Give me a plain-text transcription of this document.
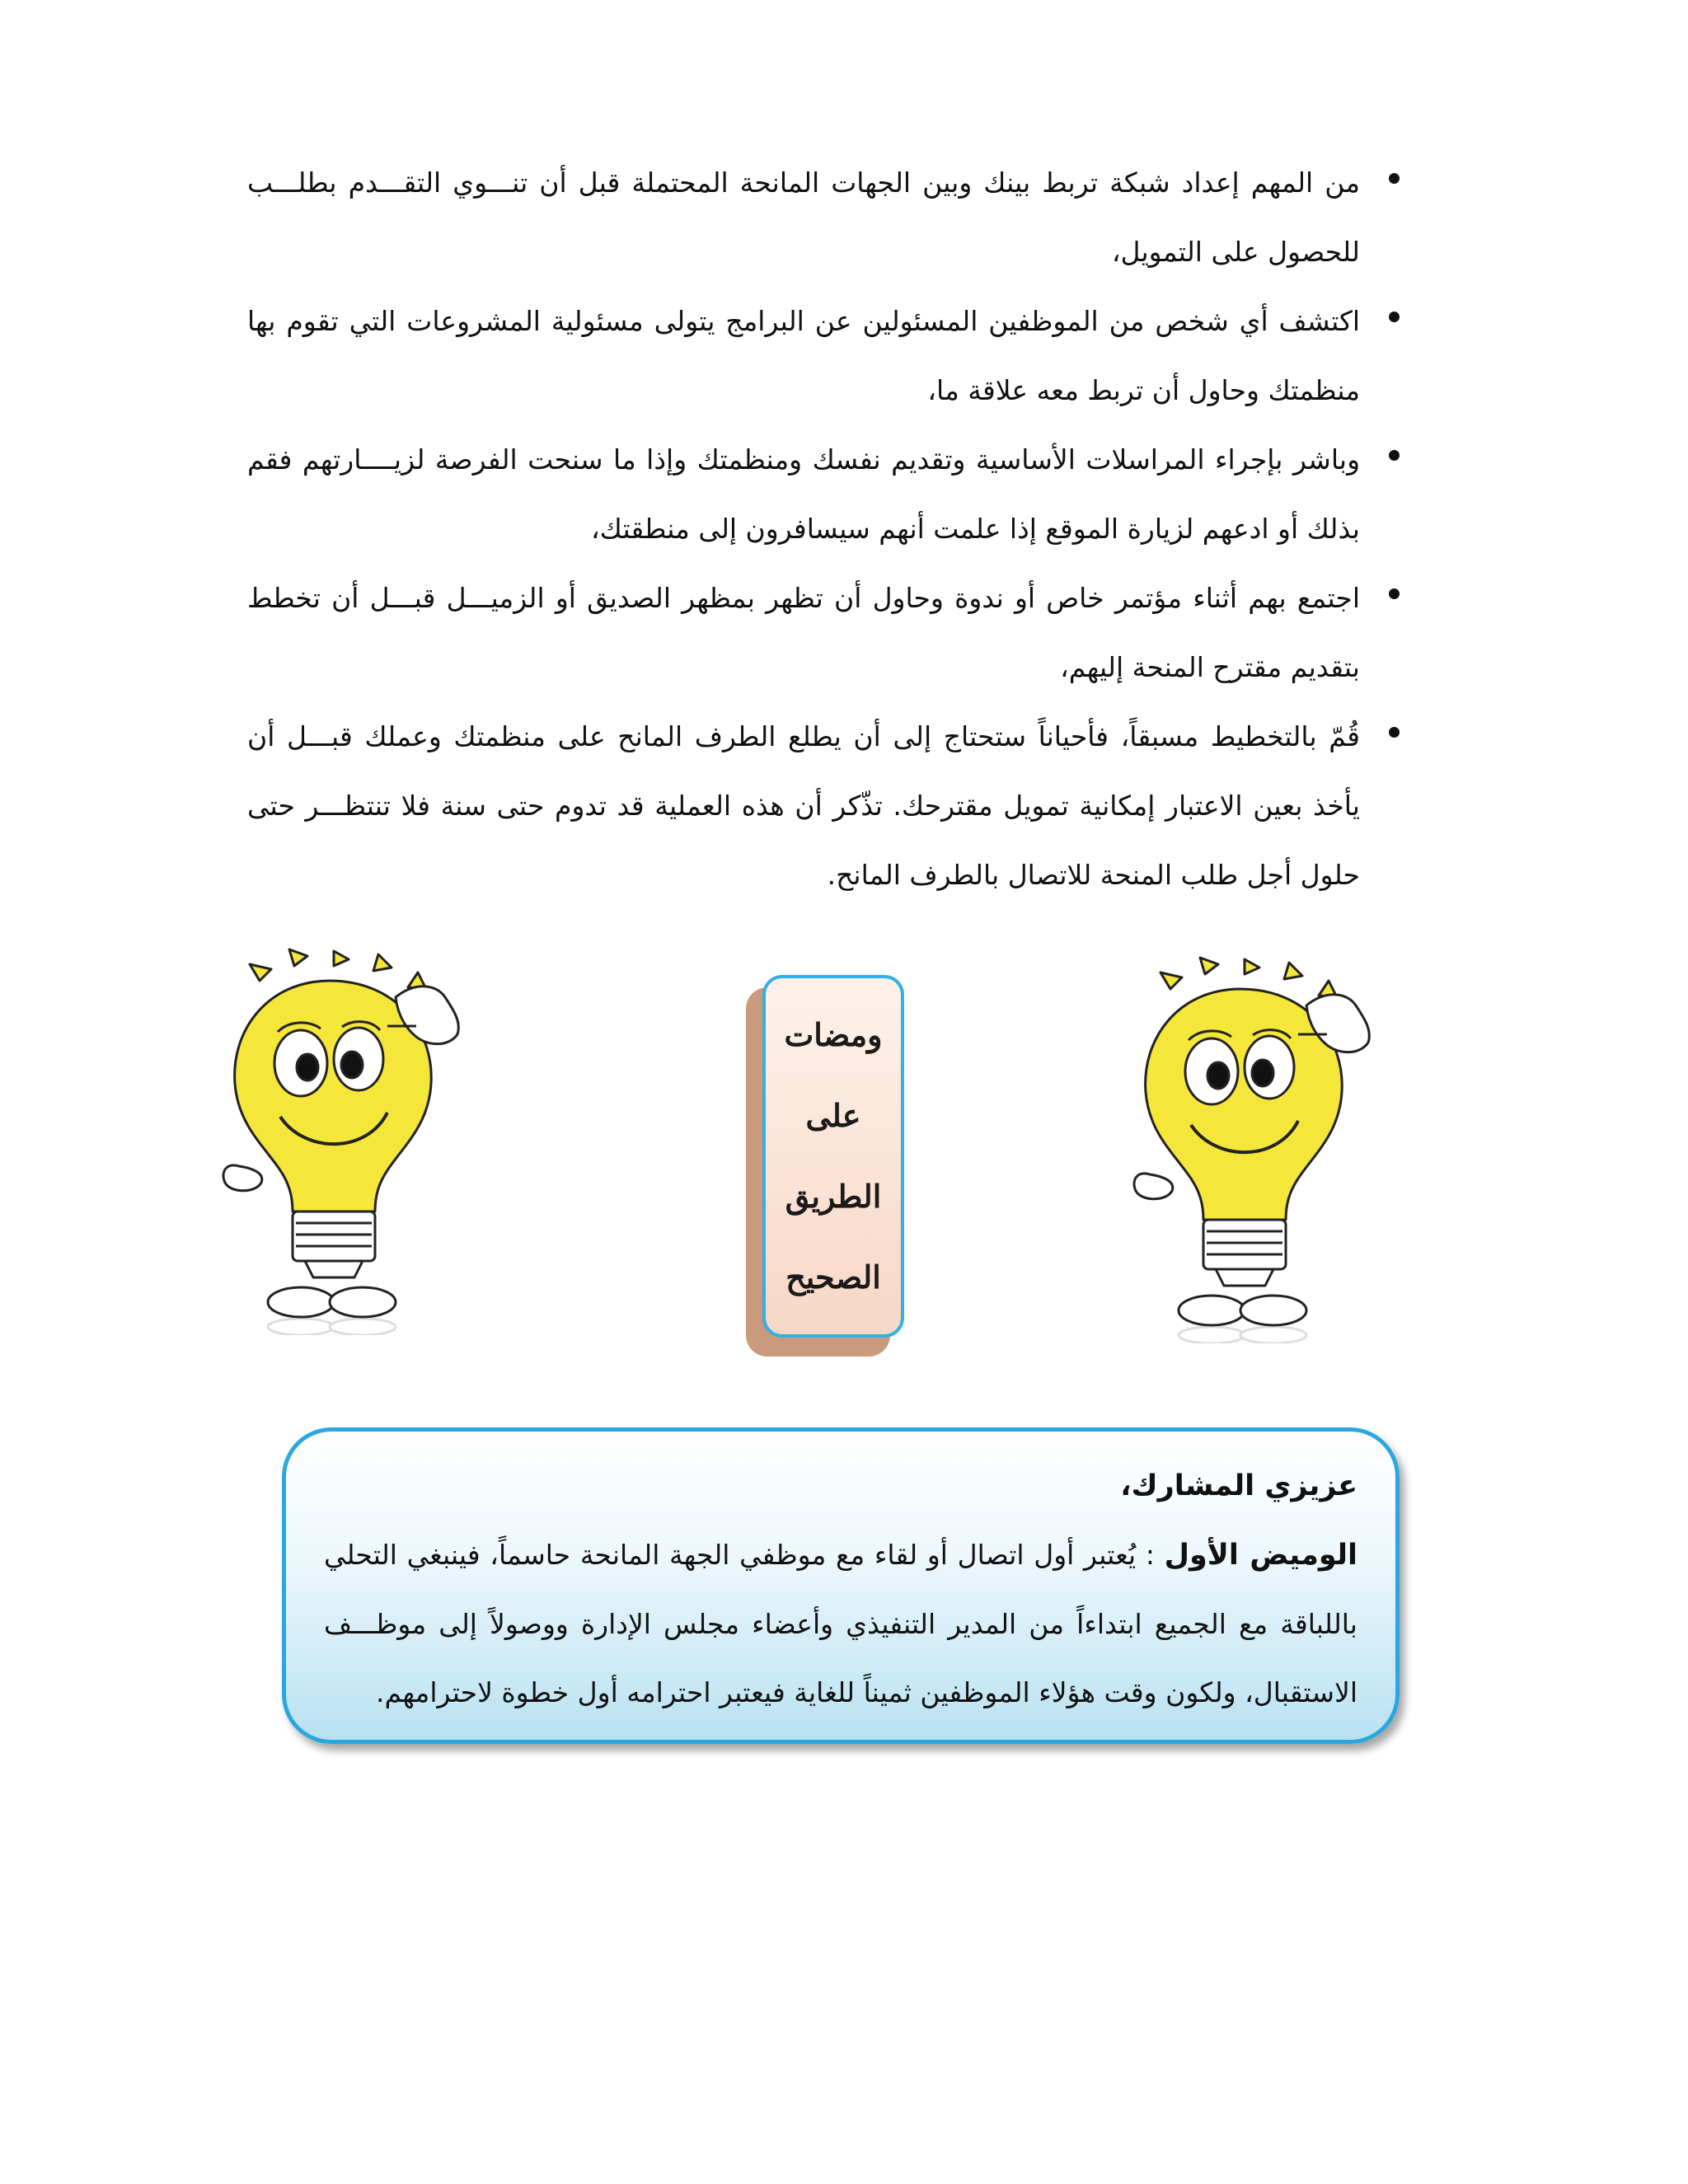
من المهم إعداد شبكة تربط بينك وبين الجهات المانحة المحتملة قبل أن تنـــوي التقـــدم بطلـــب للحصول على التمويل،
اكتشف أي شخص من الموظفين المسئولين عن البرامج يتولى مسئولية المشروعات التي تقوم بها منظمتك وحاول أن تربط معه علاقة ما،
وباشر بإجراء المراسلات الأساسية وتقديم نفسك ومنظمتك وإذا ما سنحت الفرصة لزيــــارتهم فقم بذلك أو ادعهم لزيارة الموقع إذا علمت أنهم سيسافرون إلى منطقتك،
اجتمع بهم أثناء مؤتمر خاص أو ندوة وحاول أن تظهر بمظهر الصديق أو الزميـــل قبـــل أن تخطط بتقديم مقترح المنحة إليهم،
قُمّ بالتخطيط مسبقاً، فأحياناً ستحتاج إلى أن يطلع الطرف المانح على منظمتك وعملك قبـــل أن يأخذ بعين الاعتبار إمكانية تمويل مقترحك. تذّكر أن هذه العملية قد تدوم حتى سنة فلا تنتظـــر حتى حلول أجل طلب المنحة للاتصال بالطرف المانح.
ومضات
على
الطريق
الصحيح

عزيزي المشارك،

الوميض الأول : يُعتبر أول اتصال أو لقاء مع موظفي الجهة المانحة حاسماً، فينبغي التحلي باللباقة مع الجميع ابتداءاً من المدير التنفيذي وأعضاء مجلس الإدارة ووصولاً إلى موظـــف الاستقبال، ولكون وقت هؤلاء الموظفين ثميناً للغاية فيعتبر احترامه أول خطوة لاحترامهم.
